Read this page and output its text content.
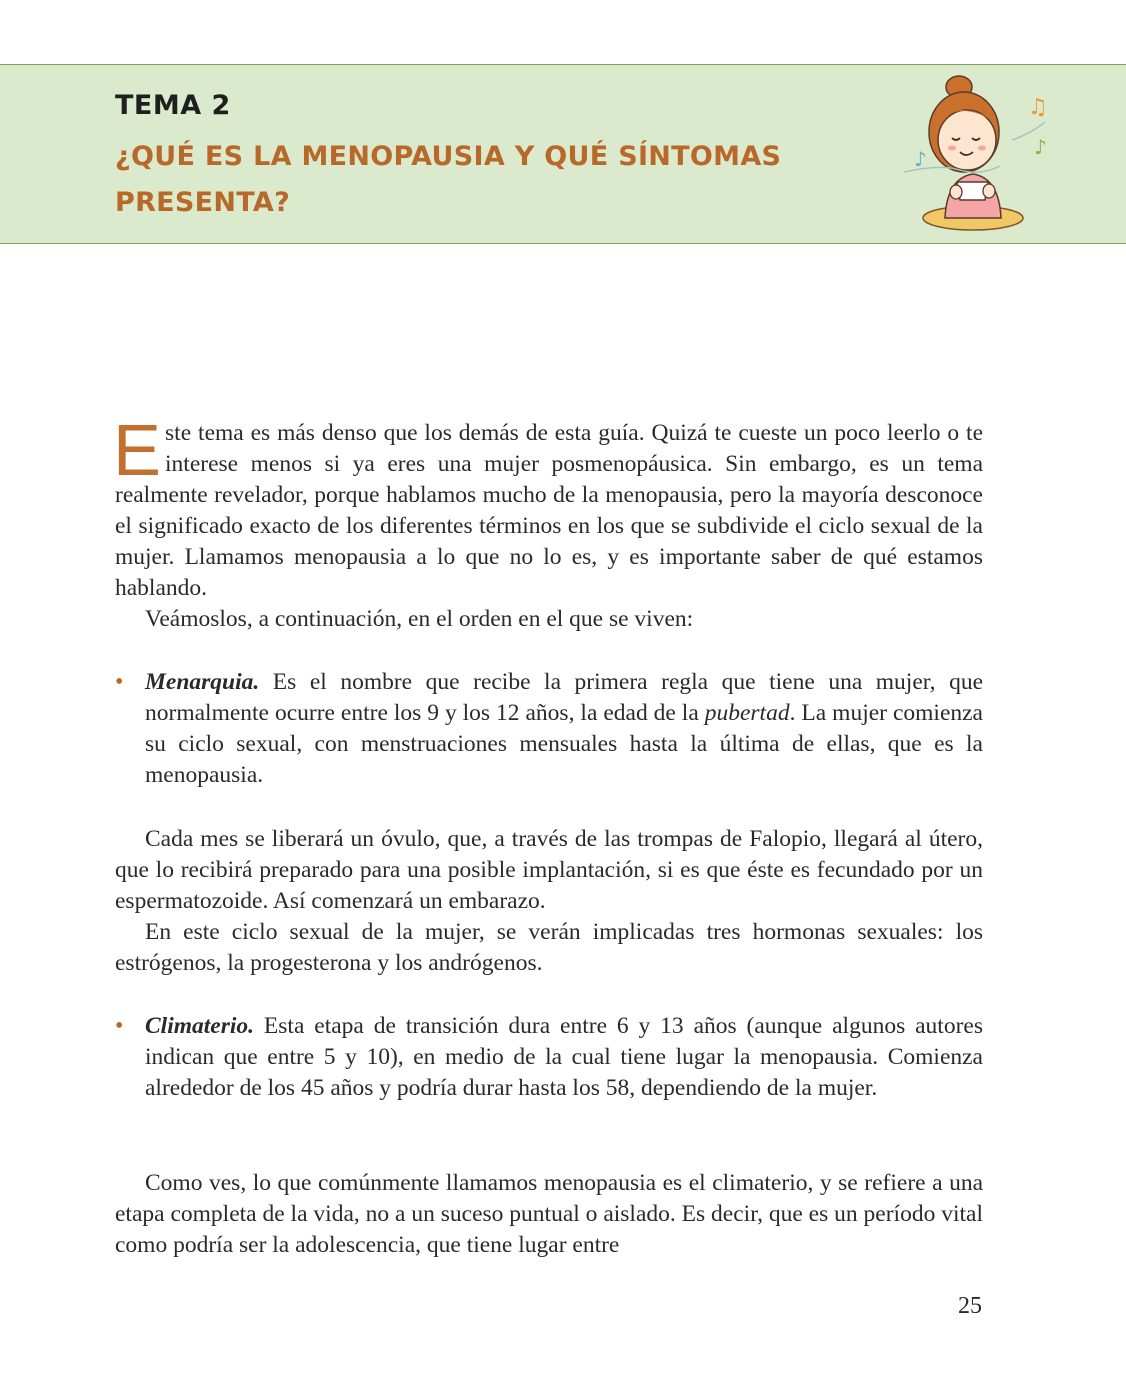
TEMA 2
¿QUÉ ES LA MENOPAUSIA Y QUÉ SÍNTOMAS PRESENTA?
♪
♫
♪

Este tema es más denso que los demás de esta guía. Quizá te cueste un poco leerlo o te interese menos si ya eres una mujer posmenopáusica. Sin embargo, es un tema realmente revelador, porque hablamos mucho de la menopausia, pero la mayoría desconoce el significado exacto de los diferentes términos en los que se subdivide el ciclo sexual de la mujer. Llamamos menopausia a lo que no lo es, y es importante saber de qué estamos hablando.

Veámoslos, a continuación, en el orden en el que se viven:

• Menarquia. Es el nombre que recibe la primera regla que tiene una mujer, que normalmente ocurre entre los 9 y los 12 años, la edad de la pubertad. La mujer comienza su ciclo sexual, con menstruaciones mensuales hasta la última de ellas, que es la menopausia.

Cada mes se liberará un óvulo, que, a través de las trompas de Falopio, llegará al útero, que lo recibirá preparado para una posible implantación, si es que éste es fecundado por un espermatozoide. Así comenzará un embarazo.

En este ciclo sexual de la mujer, se verán implicadas tres hormonas sexuales: los estrógenos, la progesterona y los andrógenos.

• Climaterio. Esta etapa de transición dura entre 6 y 13 años (aunque algunos autores indican que entre 5 y 10), en medio de la cual tiene lugar la menopausia. Comienza alrededor de los 45 años y podría durar hasta los 58, dependiendo de la mujer.

Como ves, lo que comúnmente llamamos menopausia es el climaterio, y se refiere a una etapa completa de la vida, no a un suceso puntual o aislado. Es decir, que es un período vital como podría ser la adolescencia, que tiene lugar entre

25
